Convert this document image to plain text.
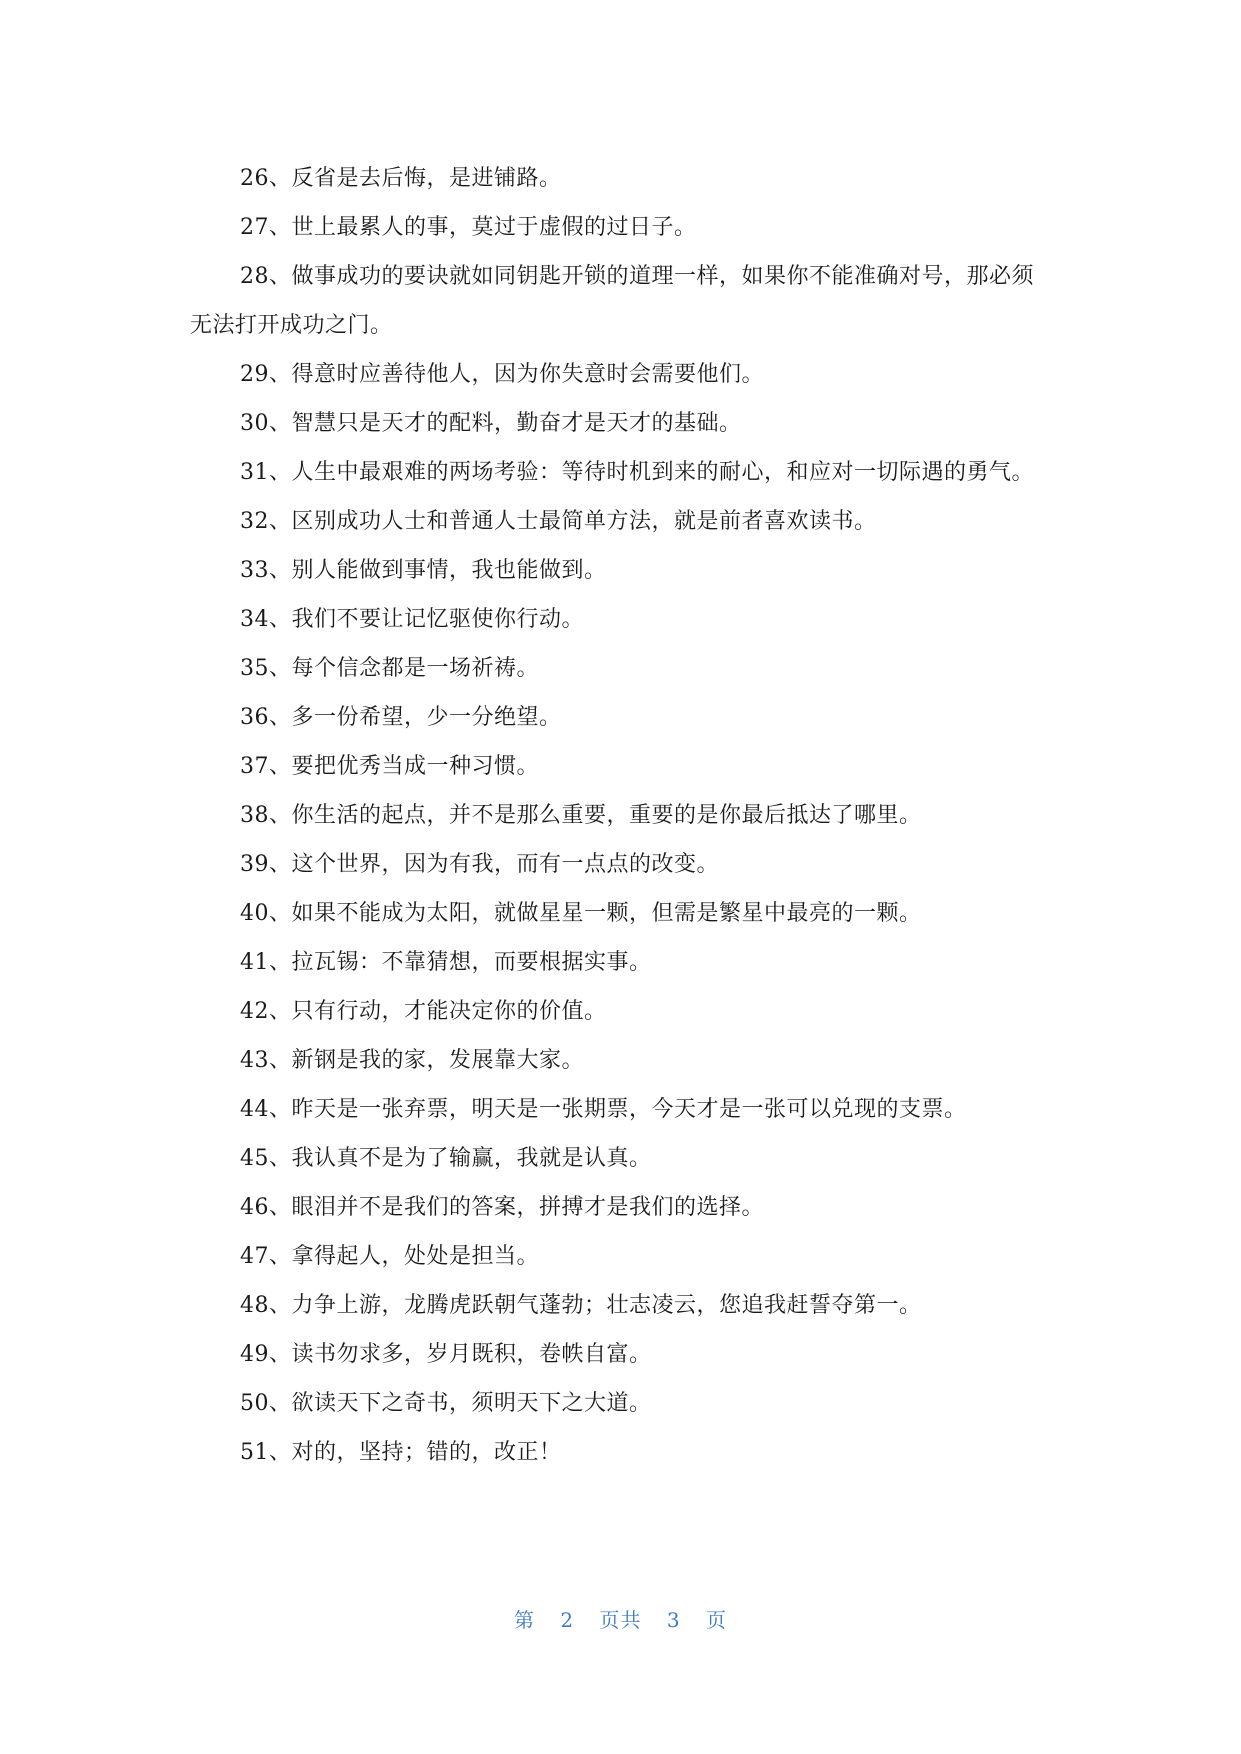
26、反省是去后悔，是进铺路。

27、世上最累人的事，莫过于虚假的过日子。

28、做事成功的要诀就如同钥匙开锁的道理一样，如果你不能准确对号，那必须无法打开成功之门。

29、得意时应善待他人，因为你失意时会需要他们。

30、智慧只是天才的配料，勤奋才是天才的基础。

31、人生中最艰难的两场考验：等待时机到来的耐心，和应对一切际遇的勇气。

32、区别成功人士和普通人士最简单方法，就是前者喜欢读书。

33、别人能做到事情，我也能做到。

34、我们不要让记忆驱使你行动。

35、每个信念都是一场祈祷。

36、多一份希望，少一分绝望。

37、要把优秀当成一种习惯。

38、你生活的起点，并不是那么重要，重要的是你最后抵达了哪里。

39、这个世界，因为有我，而有一点点的改变。

40、如果不能成为太阳，就做星星一颗，但需是繁星中最亮的一颗。

41、拉瓦锡：不靠猜想，而要根据实事。

42、只有行动，才能决定你的价值。

43、新钢是我的家，发展靠大家。

44、昨天是一张弃票，明天是一张期票，今天才是一张可以兑现的支票。

45、我认真不是为了输赢，我就是认真。

46、眼泪并不是我们的答案，拼搏才是我们的选择。

47、拿得起人，处处是担当。

48、力争上游，龙腾虎跃朝气蓬勃；壮志凌云，您追我赶誓夺第一。

49、读书勿求多，岁月既积，卷帙自富。

50、欲读天下之奇书，须明天下之大道。

51、对的，坚持；错的，改正！

第 2 页共 3 页
